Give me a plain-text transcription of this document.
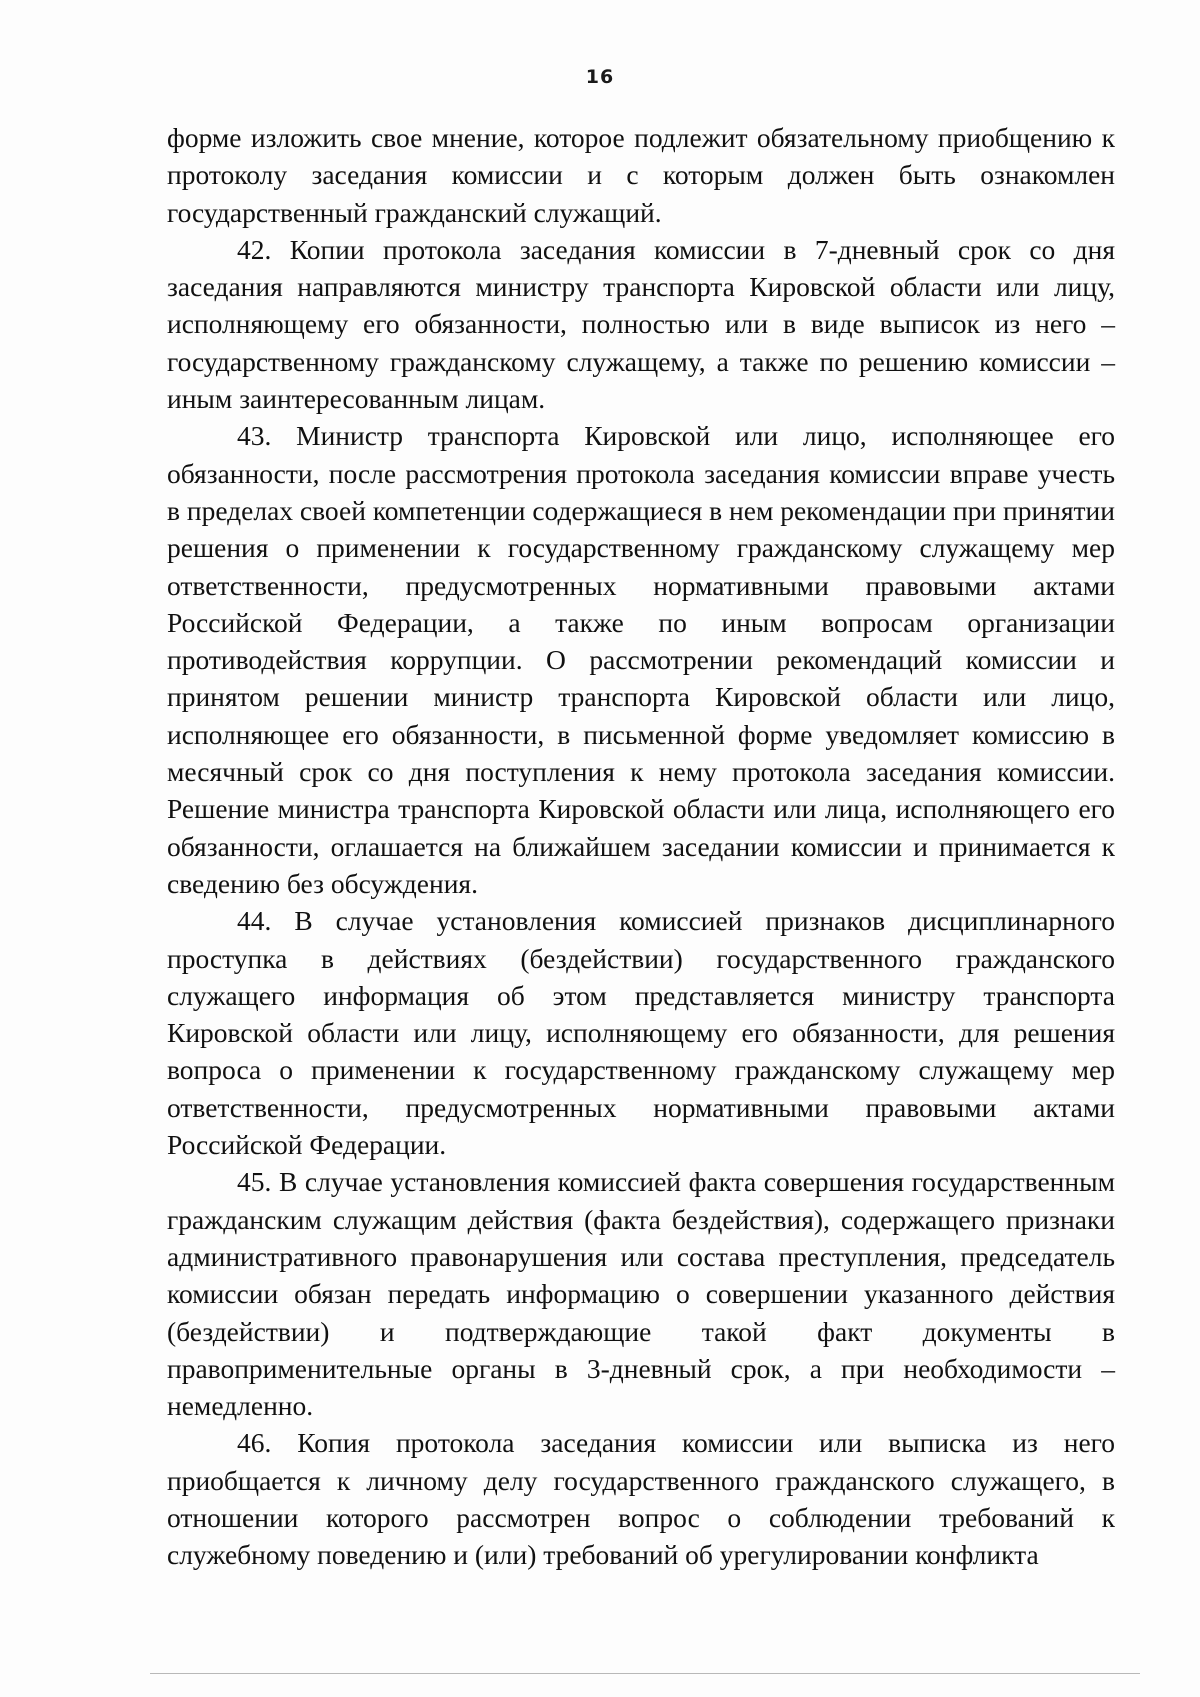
16

форме изложить свое мнение, которое подлежит обязательному приобщению к протоколу заседания комиссии и с которым должен быть ознакомлен государственный гражданский служащий.

42. Копии протокола заседания комиссии в 7-дневный срок со дня заседания направляются министру транспорта Кировской области или лицу, исполняющему его обязанности, полностью или в виде выписок из него – государственному гражданскому служащему, а также по решению комиссии – иным заинтересованным лицам.

43. Министр транспорта Кировской или лицо, исполняющее его обязанности, после рассмотрения протокола заседания комиссии вправе учесть в пределах своей компетенции содержащиеся в нем рекомендации при принятии решения о применении к государственному гражданскому служащему мер ответственности, предусмотренных нормативными правовыми актами Российской Федерации, а также по иным вопросам организации противодействия коррупции. О рассмотрении рекомендаций комиссии и принятом решении министр транспорта Кировской области или лицо, исполняющее его обязанности, в письменной форме уведомляет комиссию в месячный срок со дня поступления к нему протокола заседания комиссии. Решение министра транспорта Кировской области или лица, исполняющего его обязанности, оглашается на ближайшем заседании комиссии и принимается к сведению без обсуждения.

44. В случае установления комиссией признаков дисциплинарного проступка в действиях (бездействии) государственного гражданского служащего информация об этом представляется министру транспорта Кировской области или лицу, исполняющему его обязанности, для решения вопроса о применении к государственному гражданскому служащему мер ответственности, предусмотренных нормативными правовыми актами Российской Федерации.

45. В случае установления комиссией факта совершения государственным гражданским служащим действия (факта бездействия), содержащего признаки административного правонарушения или состава преступления, председатель комиссии обязан передать информацию о совершении указанного действия (бездействии) и подтверждающие такой факт документы в правоприменительные органы в 3-дневный срок, а при необходимости – немедленно.

46. Копия протокола заседания комиссии или выписка из него приобщается к личному делу государственного гражданского служащего, в отношении которого рассмотрен вопрос о соблюдении требований к служебному поведению и (или) требований об урегулировании конфликта
